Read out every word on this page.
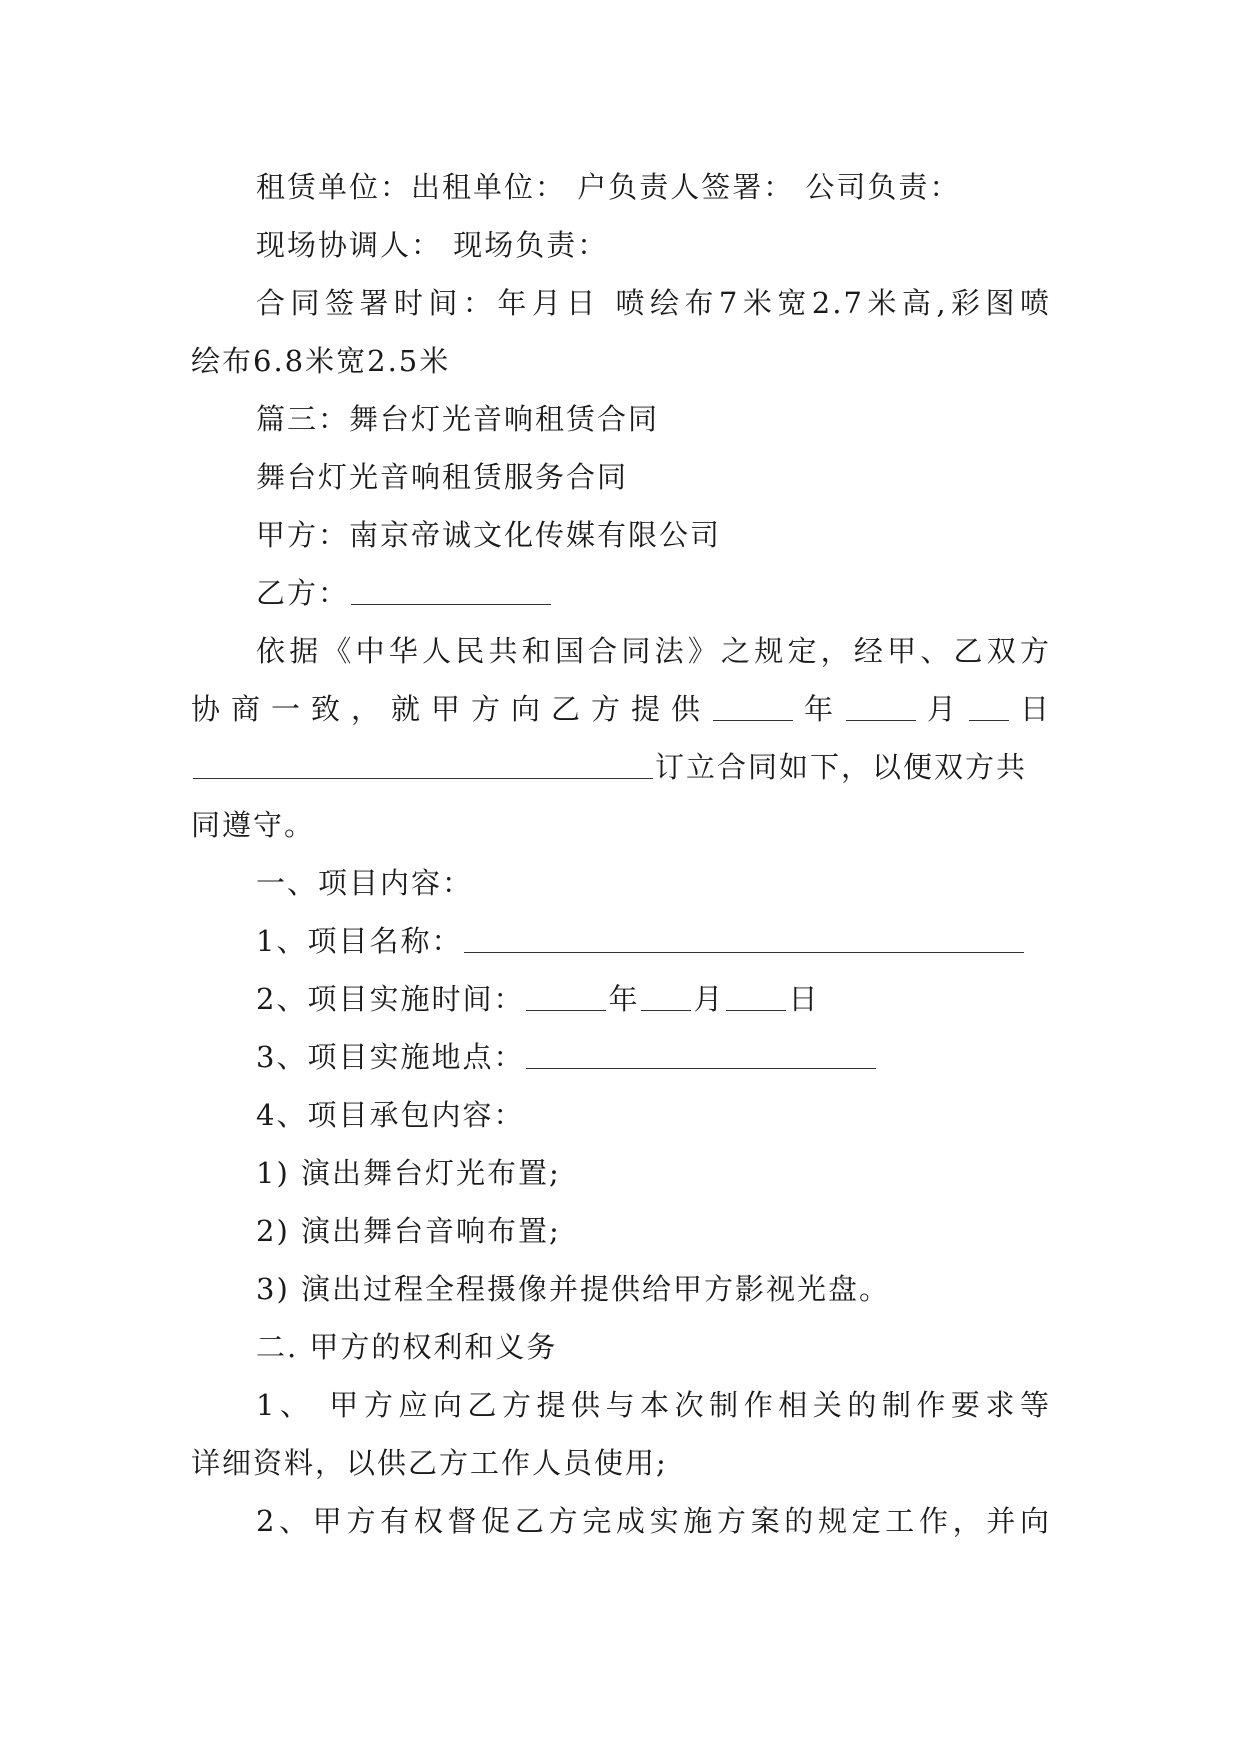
租赁单位：出租单位： 户负责人签署： 公司负责：
现场协调人： 现场负责：
合同签署时间：年月日 喷绘布7米宽2.7米高,彩图喷
绘布6.8米宽2.5米
篇三：舞台灯光音响租赁合同
舞台灯光音响租赁服务合同
甲方：南京帝诚文化传媒有限公司
乙方：
依据《中华人民共和国合同法》之规定，经甲、乙双方
协商一致，就甲方向乙方提供	年	月 日
订立合同如下，以便双方共
同遵守。
一、项目内容：
1、项目名称：
2、项目实施时间：	年 月 日
3、项目实施地点：
4、项目承包内容：
1) 演出舞台灯光布置;
2) 演出舞台音响布置;
3) 演出过程全程摄像并提供给甲方影视光盘。
二. 甲方的权利和义务
1、 甲方应向乙方提供与本次制作相关的制作要求等
详细资料，以供乙方工作人员使用;
2、甲方有权督促乙方完成实施方案的规定工作，并向
